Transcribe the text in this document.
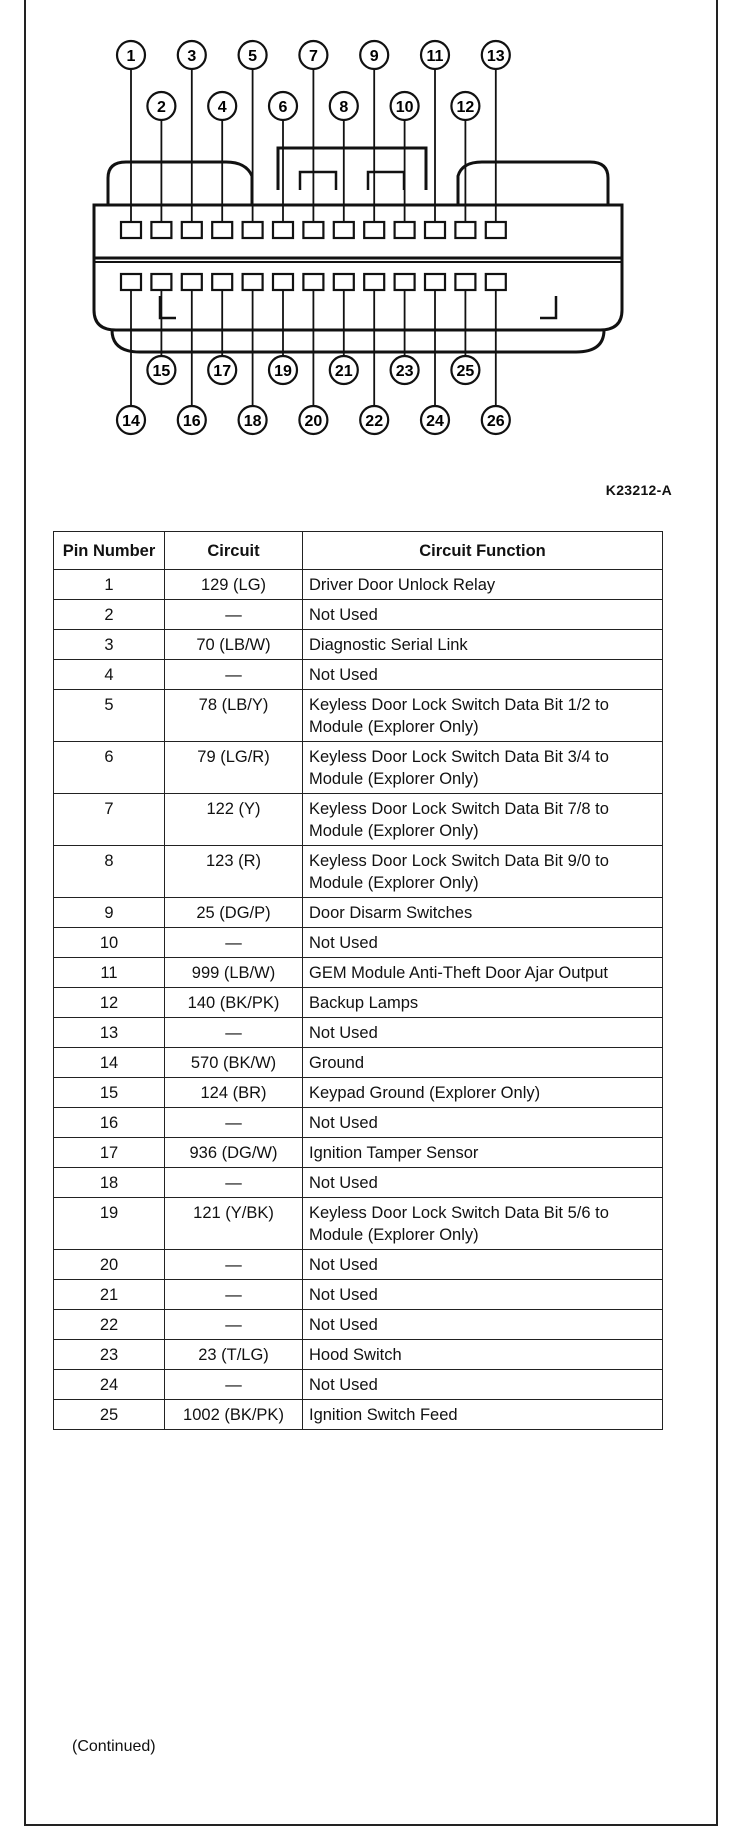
1
2
3
4
5
6
7
8
9
10
11
12
13
14
15
16
17
18
19
20
21
22
23
24
25
26
K23212-A
Pin Number	Circuit	Circuit Function
1	129 (LG)	Driver Door Unlock Relay
2	—	Not Used
3	70 (LB/W)	Diagnostic Serial Link
4	—	Not Used
5	78 (LB/Y)	Keyless Door Lock Switch Data Bit 1/2 to Module (Explorer Only)
6	79 (LG/R)	Keyless Door Lock Switch Data Bit 3/4 to Module (Explorer Only)
7	122 (Y)	Keyless Door Lock Switch Data Bit 7/8 to Module (Explorer Only)
8	123 (R)	Keyless Door Lock Switch Data Bit 9/0 to Module (Explorer Only)
9	25 (DG/P)	Door Disarm Switches
10	—	Not Used
11	999 (LB/W)	GEM Module Anti-Theft Door Ajar Output
12	140 (BK/PK)	Backup Lamps
13	—	Not Used
14	570 (BK/W)	Ground
15	124 (BR)	Keypad Ground (Explorer Only)
16	—	Not Used
17	936 (DG/W)	Ignition Tamper Sensor
18	—	Not Used
19	121 (Y/BK)	Keyless Door Lock Switch Data Bit 5/6 to Module (Explorer Only)
20	—	Not Used
21	—	Not Used
22	—	Not Used
23	23 (T/LG)	Hood Switch
24	—	Not Used
25	1002 (BK/PK)	Ignition Switch Feed
(Continued)
